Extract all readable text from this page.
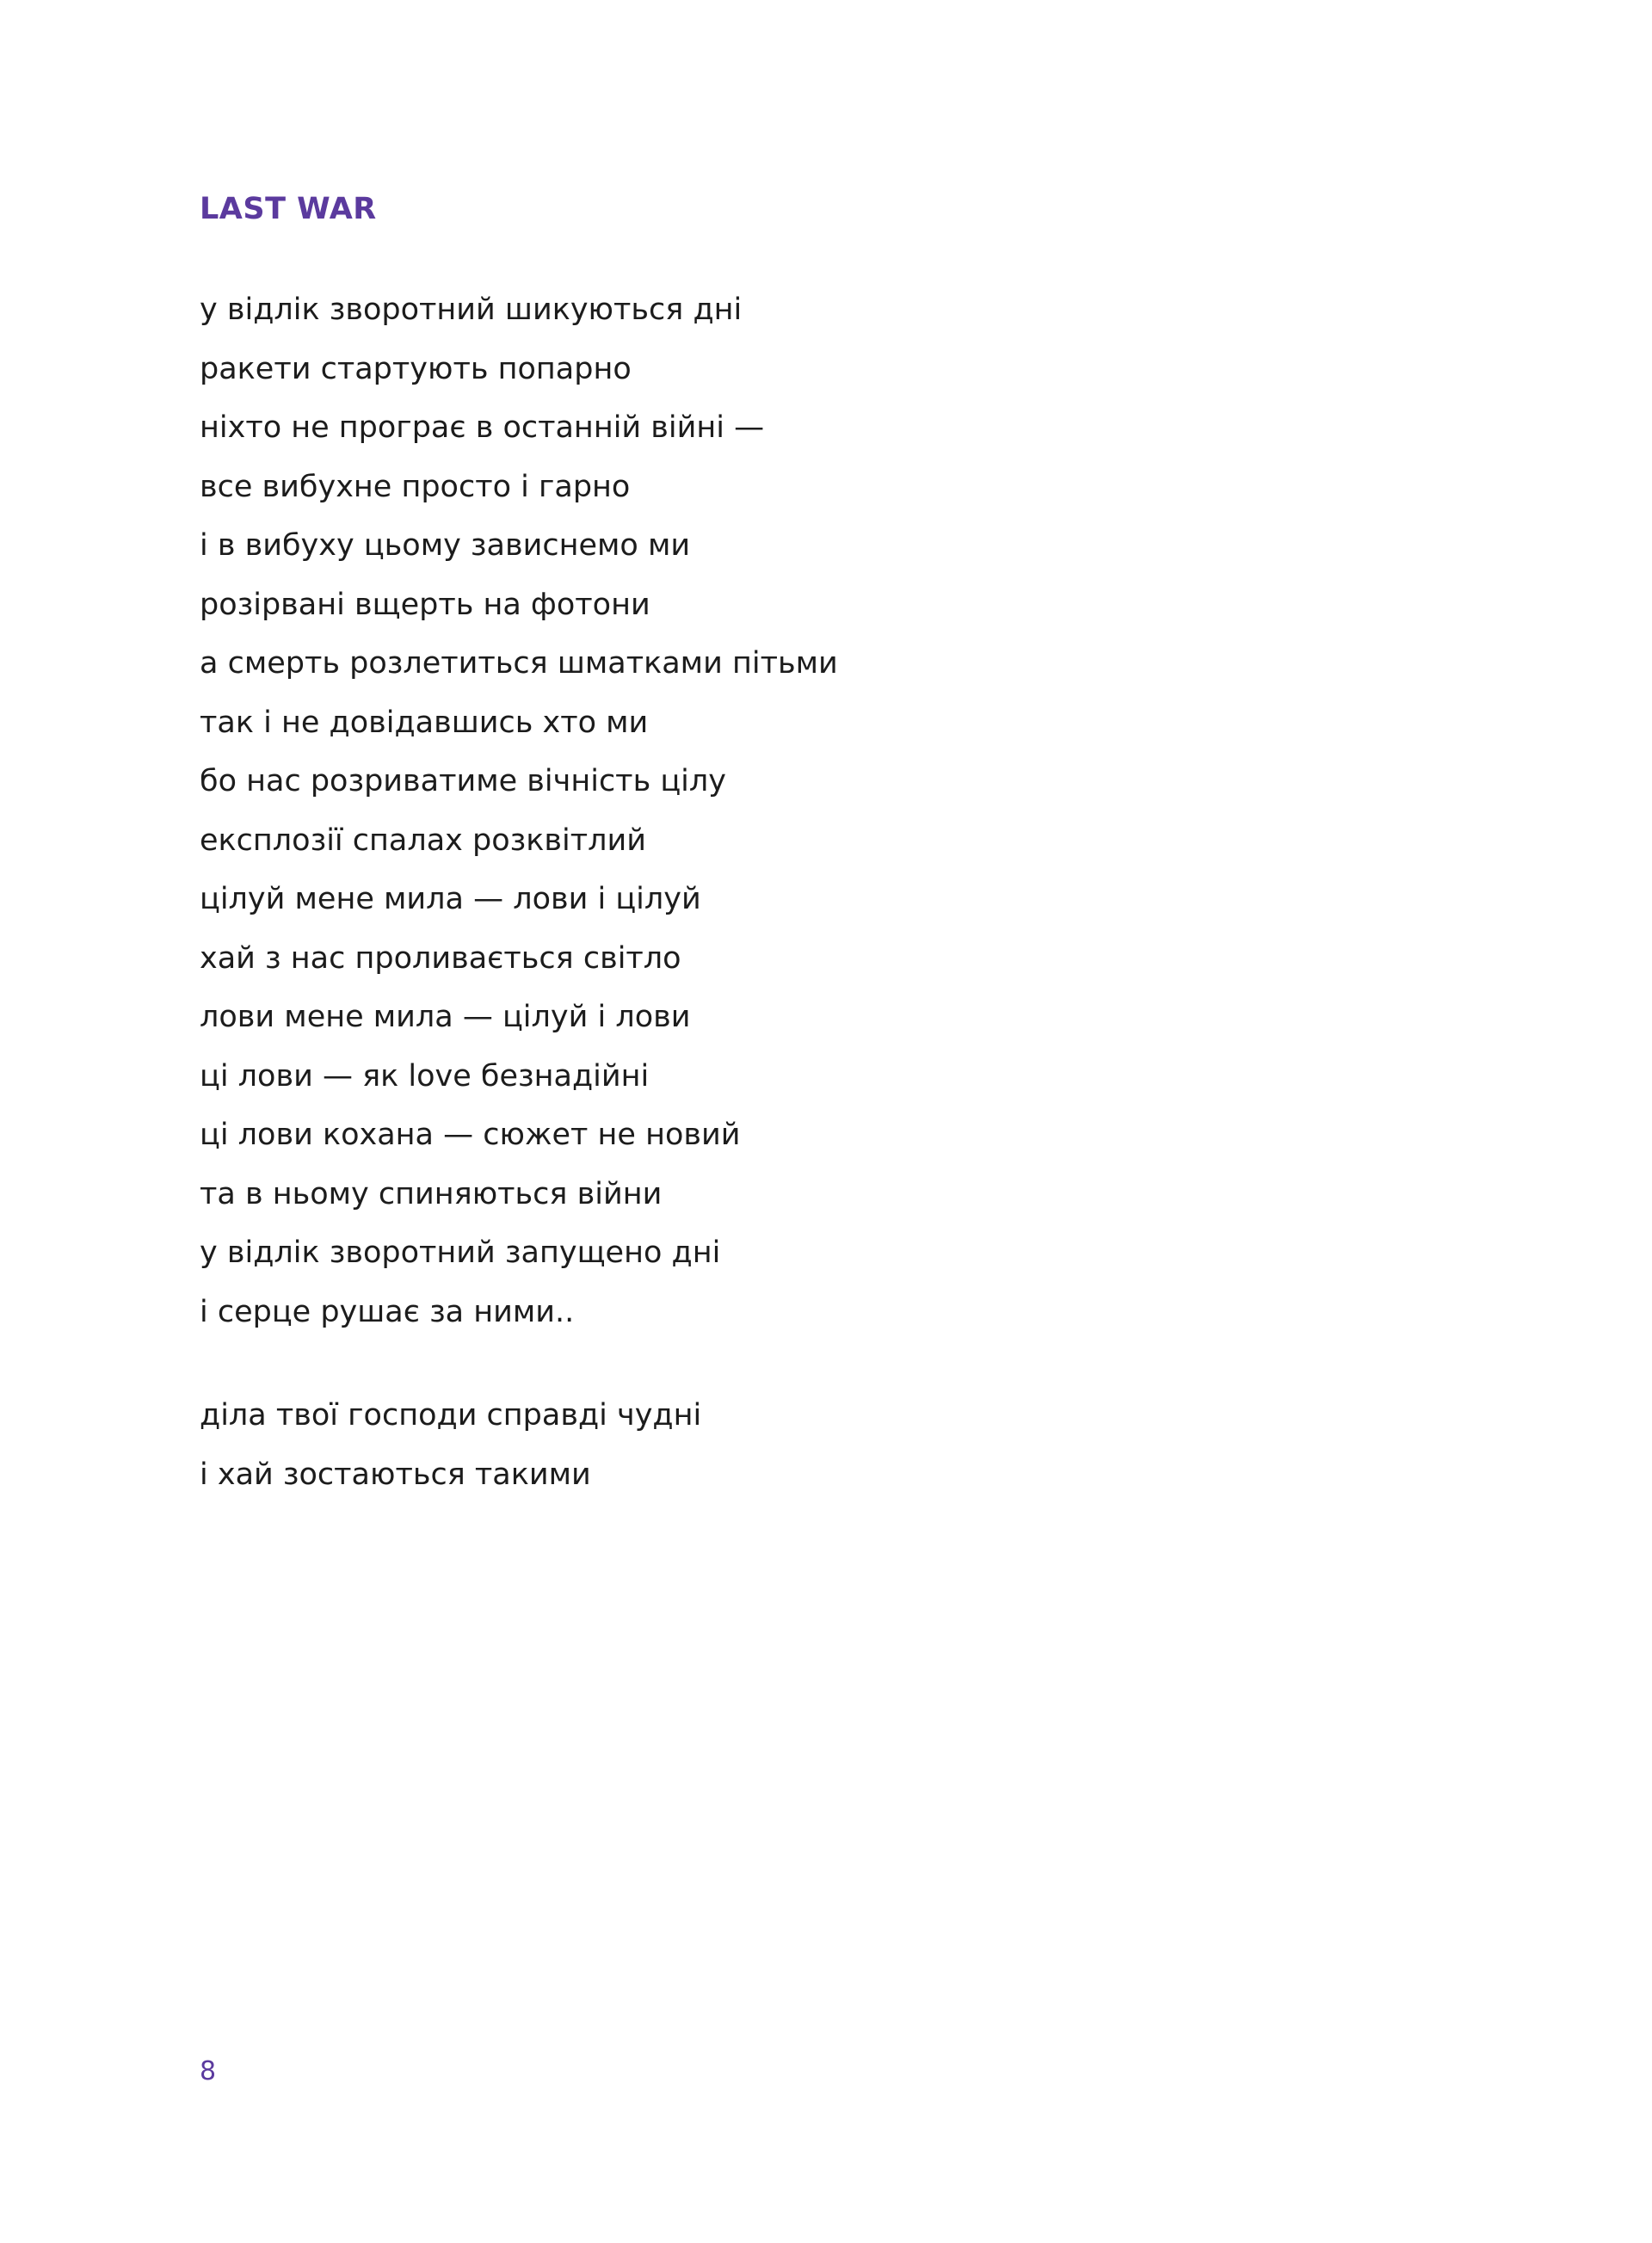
LAST WAR
у відлік зворотний шикуються дні
ракети стартують попарно
ніхто не програє в останній війні —
все вибухне просто і гарно
і в вибуху цьому зависнемо ми
розірвані вщерть на фотони
а смерть розлетиться шматками пітьми
так і не довідавшись хто ми
бо нас розриватиме вічність цілу
експлозії спалах розквітлий
цілуй мене мила — лови і цілуй
хай з нас проливається світло
лови мене мила — цілуй і лови
ці лови — як love безнадійні
ці лови кохана — сюжет не новий
та в ньому спиняються війни
у відлік зворотний запущено дні
і серце рушає за ними..
діла твої господи справді чудні
і хай зостаються такими
8
